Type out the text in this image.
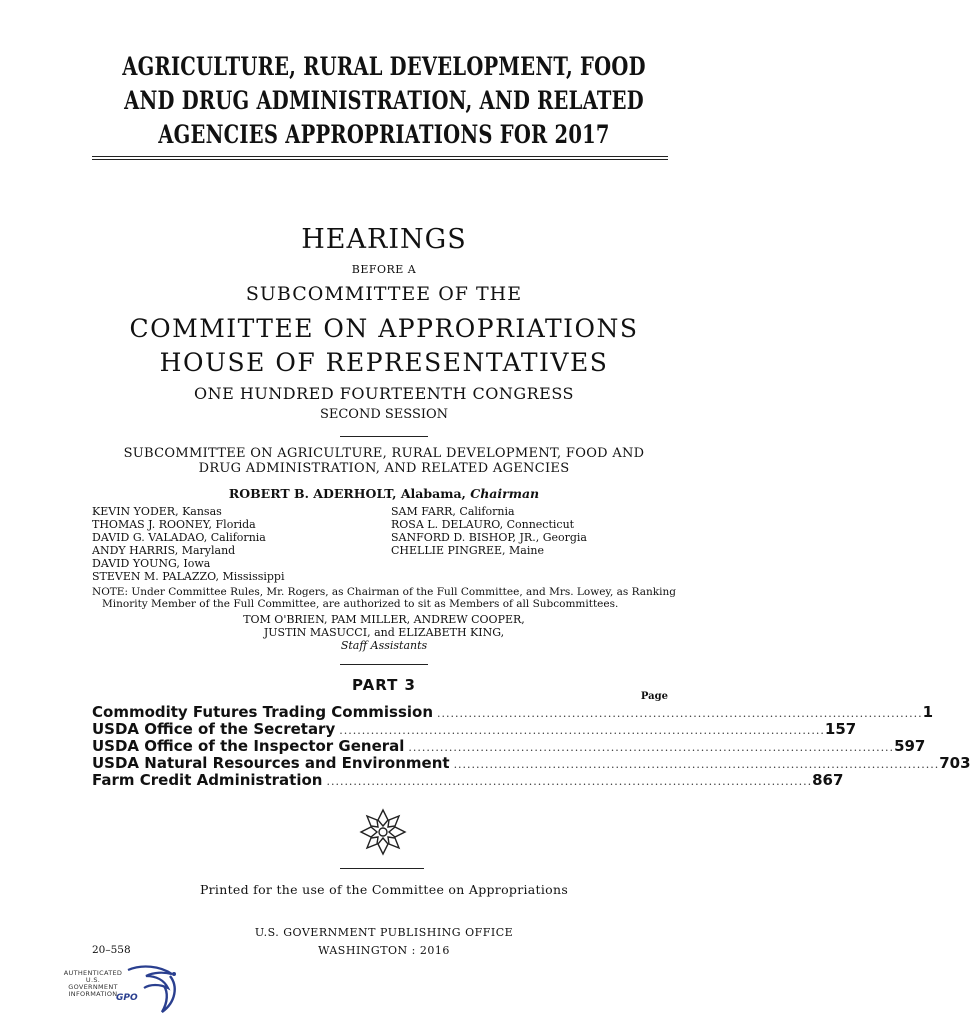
AGRICULTURE, RURAL DEVELOPMENT, FOOD
AND DRUG ADMINISTRATION, AND RELATED
AGENCIES APPROPRIATIONS FOR 2017
HEARINGS
BEFORE A
SUBCOMMITTEE OF THE
COMMITTEE ON APPROPRIATIONS
HOUSE OF REPRESENTATIVES
ONE HUNDRED FOURTEENTH CONGRESS
SECOND SESSION
SUBCOMMITTEE ON AGRICULTURE, RURAL DEVELOPMENT, FOOD AND
DRUG ADMINISTRATION, AND RELATED AGENCIES
ROBERT B. ADERHOLT, Alabama, Chairman
KEVIN YODER, Kansas
THOMAS J. ROONEY, Florida
DAVID G. VALADAO, California
ANDY HARRIS, Maryland
DAVID YOUNG, Iowa
STEVEN M. PALAZZO, Mississippi
SAM FARR, California
ROSA L. DELAURO, Connecticut
SANFORD D. BISHOP, JR., Georgia
CHELLIE PINGREE, Maine
NOTE: Under Committee Rules, Mr. Rogers, as Chairman of the Full Committee, and Mrs. Lowey, as Ranking
Minority Member of the Full Committee, are authorized to sit as Members of all Subcommittees.
TOM O'BRIEN, PAM MILLER, ANDREW COOPER,
JUSTIN MASUCCI, and ELIZABETH KING,
Staff Assistants
PART 3
Page
Commodity Futures Trading Commission ............................................................................................................ 1
USDA Office of the Secretary ............................................................................................................ 157
USDA Office of the Inspector General ............................................................................................................ 597
USDA Natural Resources and Environment ............................................................................................................ 703
Farm Credit Administration ............................................................................................................ 867
Printed for the use of the Committee on Appropriations
U.S. GOVERNMENT PUBLISHING OFFICE
20–558	WASHINGTON : 2016
AUTHENTICATED
U.S. GOVERNMENT
INFORMATION
GPO
